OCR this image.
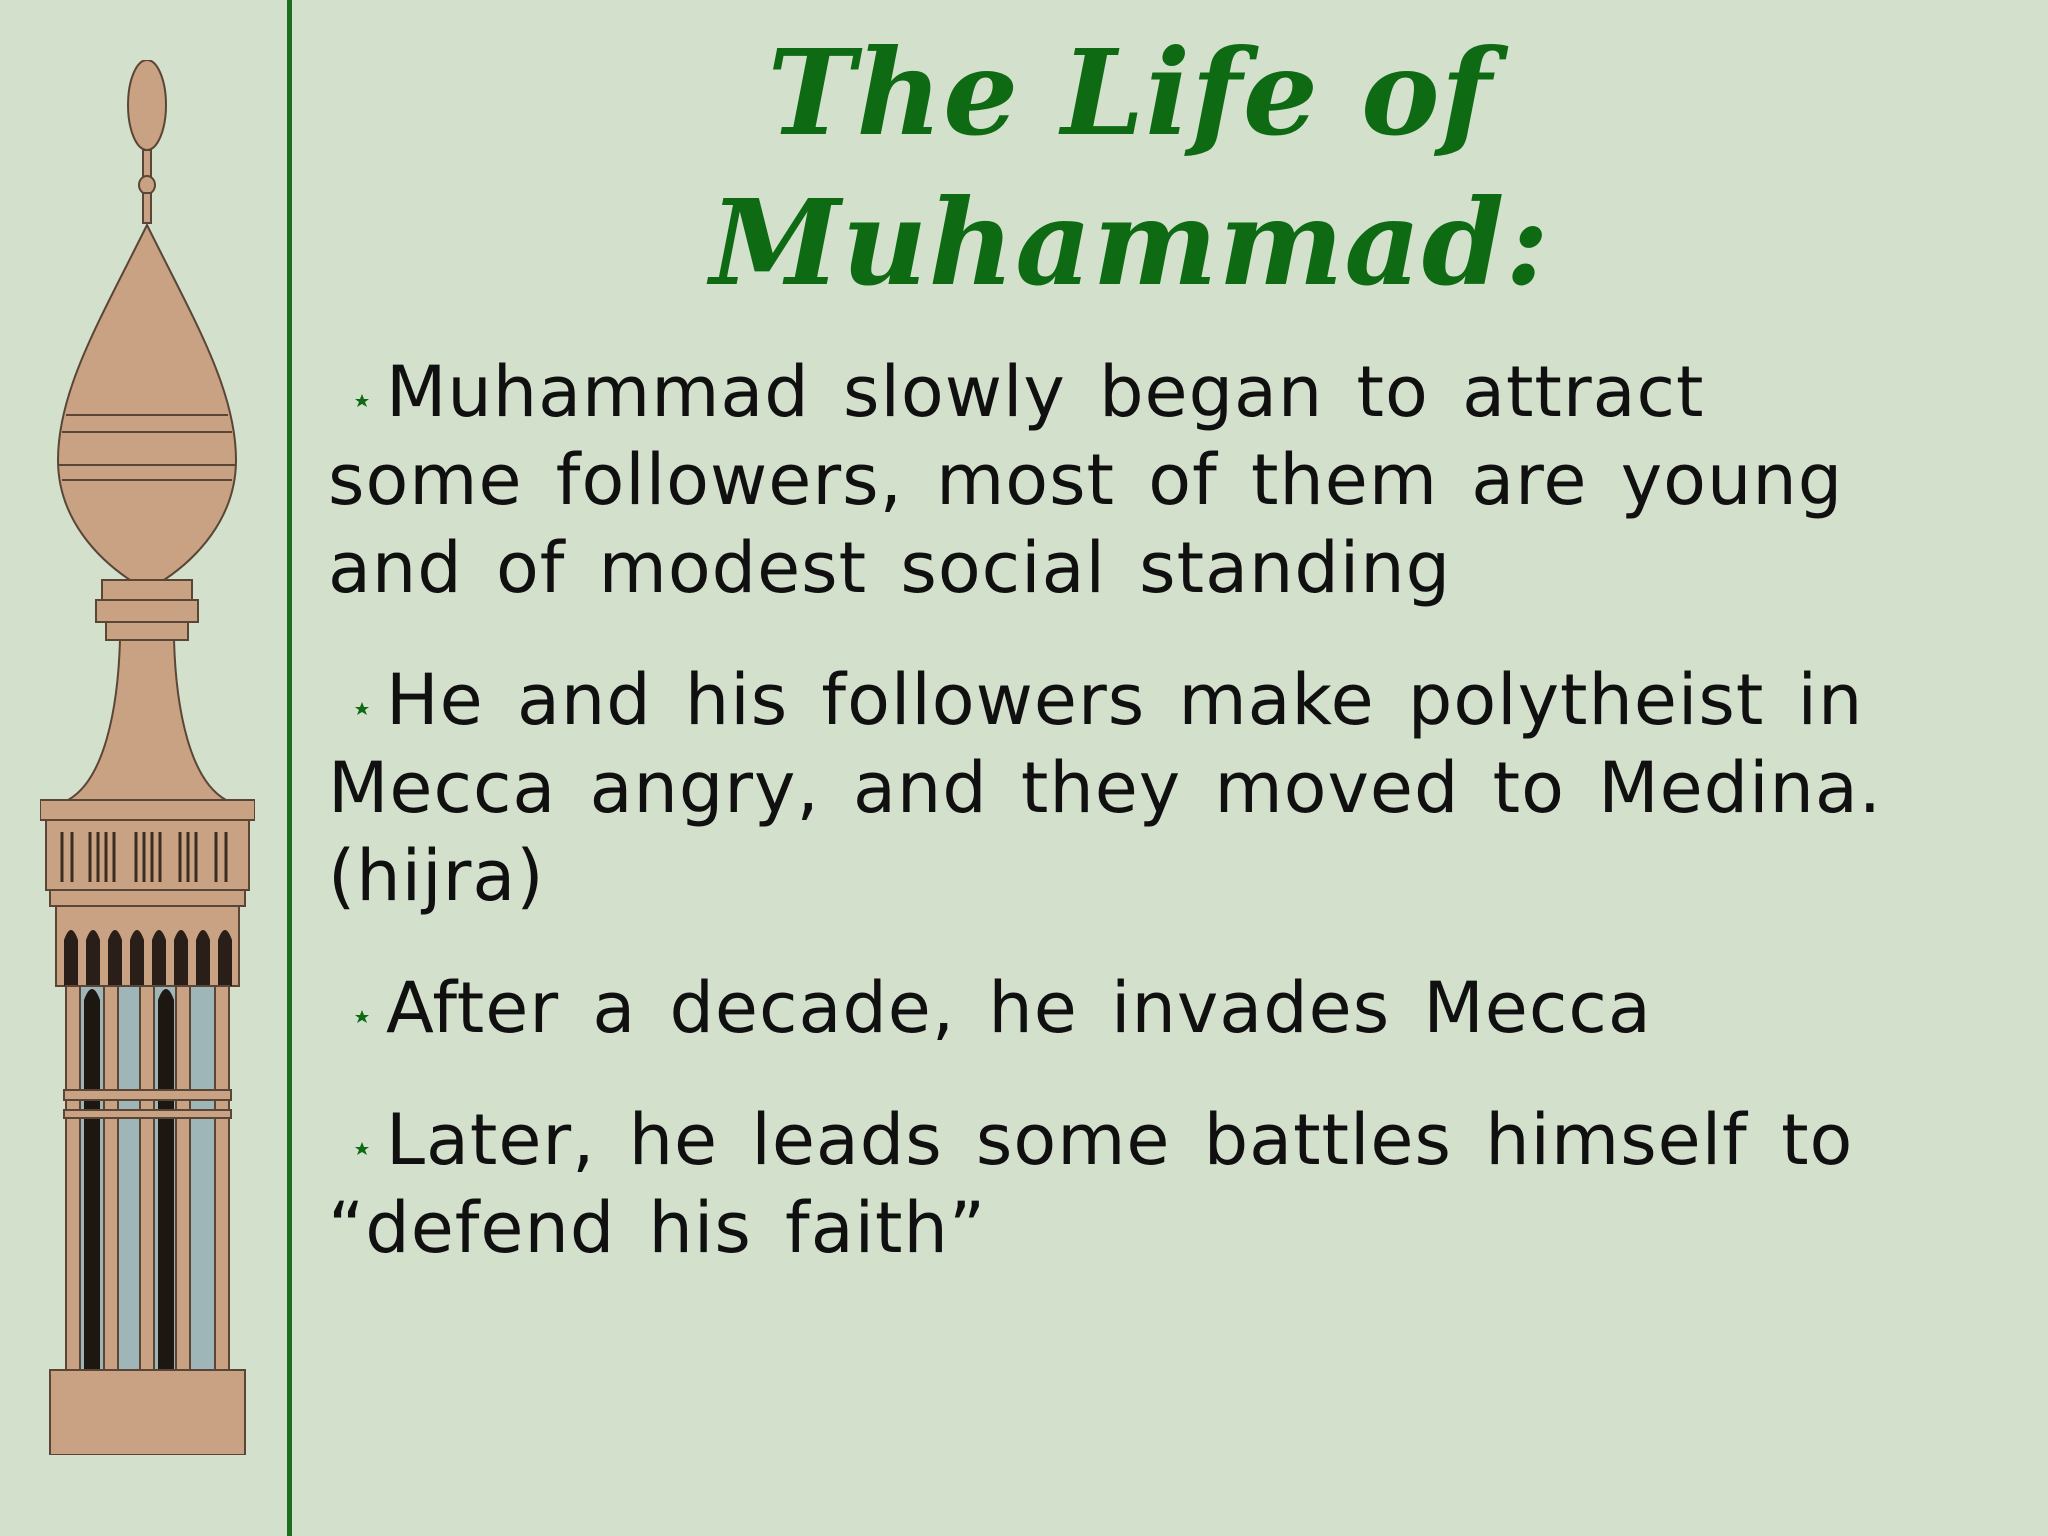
The Life of Muhammad:
Muhammad slowly began to attract some followers, most of them are young and of modest social standing
He and his followers make polytheist in Mecca angry, and they moved to Medina. (hijra)
After a decade, he invades Mecca
Later, he leads some battles himself to “defend his faith”
